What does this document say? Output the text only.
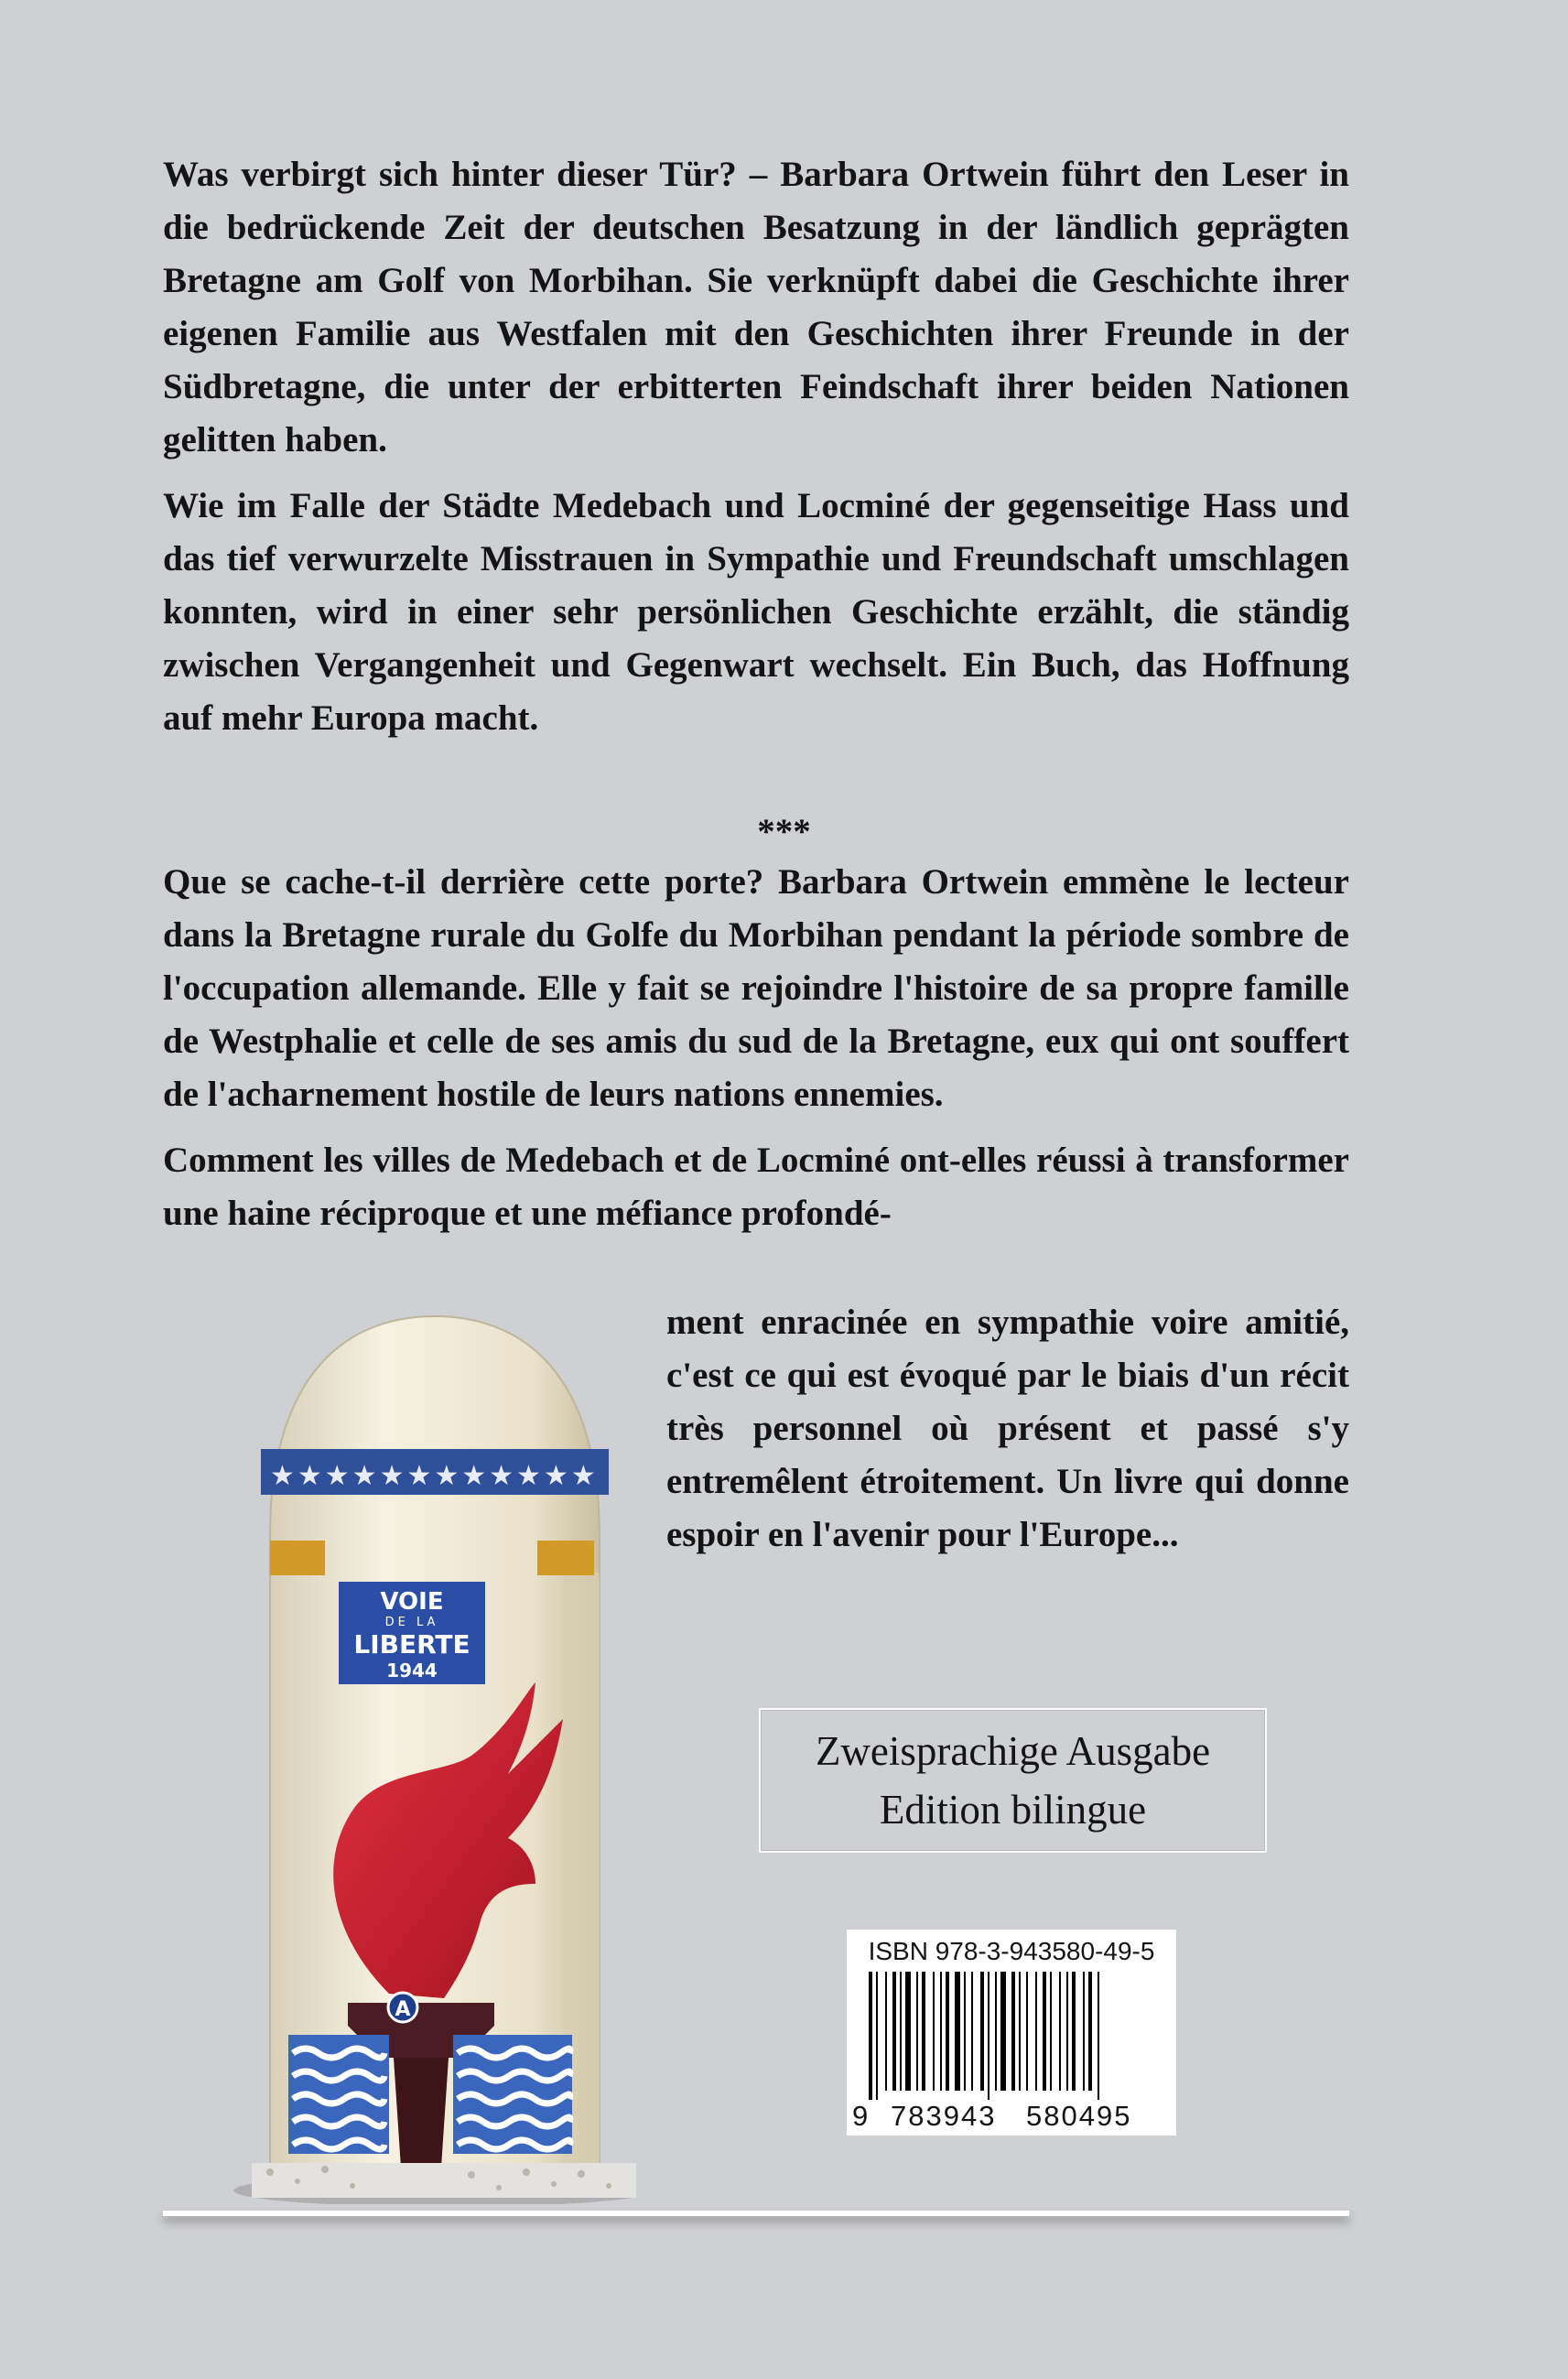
Was verbirgt sich hinter dieser Tür? – Barbara Ortwein führt den Leser in die bedrückende Zeit der deutschen Besatzung in der ländlich geprägten Bretagne am Golf von Morbihan. Sie verknüpft dabei die Geschichte ihrer eigenen Familie aus Westfalen mit den Geschichten ihrer Freunde in der Südbretagne, die unter der erbitterten Feindschaft ihrer beiden Nationen gelitten haben.

Wie im Falle der Städte Medebach und Locminé der gegenseitige Hass und das tief verwurzelte Misstrauen in Sympathie und Freundschaft umschlagen konnten, wird in einer sehr persönlichen Geschichte erzählt, die ständig zwischen Vergangenheit und Gegenwart wechselt. Ein Buch, das Hoffnung auf mehr Europa macht.

***

Que se cache-t-il derrière cette porte? Barbara Ortwein emmène le lecteur dans la Bretagne rurale du Golfe du Morbihan pendant la période sombre de l'occupation allemande. Elle y fait se rejoindre l'histoire de sa propre famille de Westphalie et celle de ses amis du sud de la Bretagne, eux qui ont souffert de l'acharnement hostile de leurs nations ennemies.

Comment les villes de Medebach et de Locminé ont-elles réussi à transformer une haine réciproque et une méfiance profondé-

ment enracinée en sympathie voire amitié, c'est ce qui est évoqué par le biais d'un récit très personnel où présent et passé s'y entremêlent étroitement. Un livre qui donne espoir en l'avenir pour l'Europe...
★★★★★★★★★★★★
VOIE
DE LA
LIBERTE
1944
A
Zweisprachige Ausgabe
Edition bilingue
ISBN 978-3-943580-49-5
9 783943 580495
